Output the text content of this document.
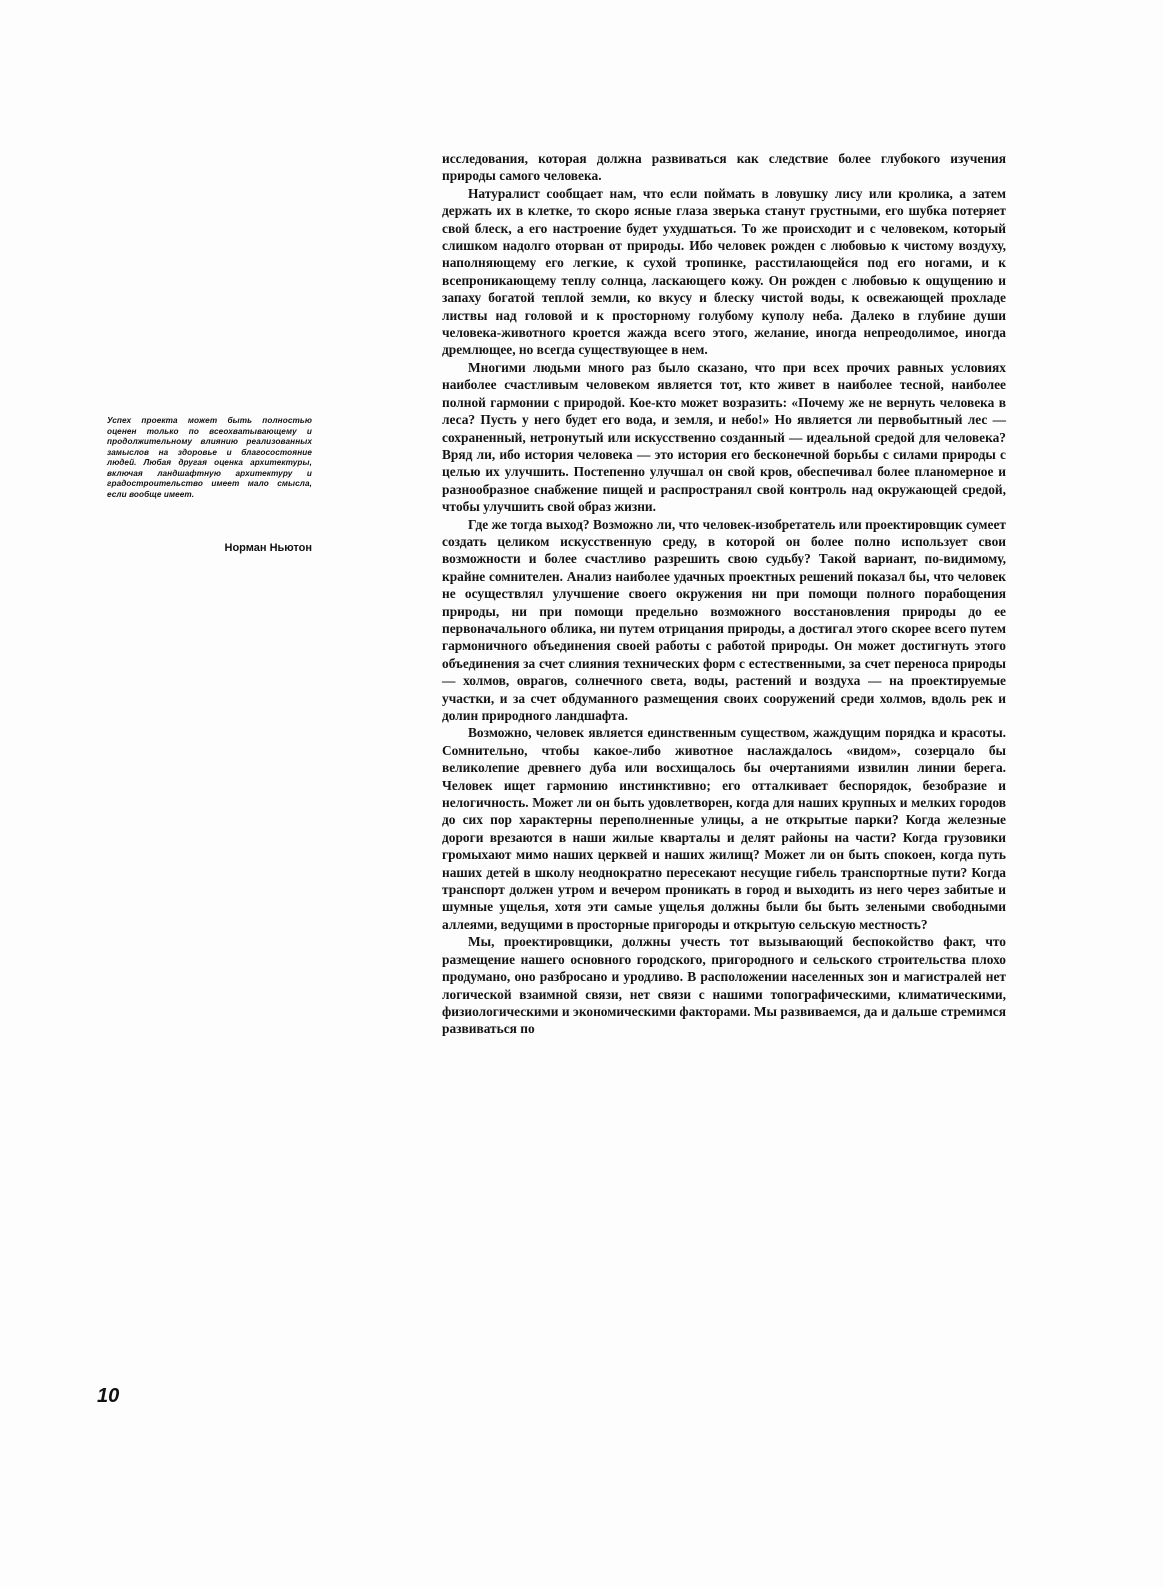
Успех проекта может быть полностью оценен только по всеохватывающему и продолжительному влиянию реализованных замыслов на здоровье и благосостояние людей. Любая другая оценка архитектуры, включая ландшафтную архитектуру и градостроительство имеет мало смысла, если вообще имеет.
Норман Ньютон

исследования, которая должна развиваться как следствие более глубокого изучения природы самого человека.

Натуралист сообщает нам, что если поймать в ловушку лису или кролика, а затем держать их в клетке, то скоро ясные глаза зверька станут грустными, его шубка потеряет свой блеск, а его настроение будет ухудшаться. То же происходит и с человеком, который слишком надолго оторван от природы. Ибо человек рожден с любовью к чистому воздуху, наполняющему его легкие, к сухой тропинке, расстилающейся под его ногами, и к всепроникающему теплу солнца, ласкающего кожу. Он рожден с любовью к ощущению и запаху богатой теплой земли, ко вкусу и блеску чистой воды, к освежающей прохладе листвы над головой и к просторному голубому куполу неба. Далеко в глубине души человека-животного кроется жажда всего этого, желание, иногда непреодолимое, иногда дремлющее, но всегда существующее в нем.

Многими людьми много раз было сказано, что при всех прочих равных условиях наиболее счастливым человеком является тот, кто живет в наиболее тесной, наиболее полной гармонии с природой. Кое-кто может возразить: «Почему же не вернуть человека в леса? Пусть у него будет его вода, и земля, и небо!» Но является ли первобытный лес — сохраненный, нетронутый или искусственно созданный — идеальной средой для человека? Вряд ли, ибо история человека — это история его бесконечной борьбы с силами природы с целью их улучшить. Постепенно улучшал он свой кров, обеспечивал более планомерное и разнообразное снабжение пищей и распространял свой контроль над окружающей средой, чтобы улучшить свой образ жизни.

Где же тогда выход? Возможно ли, что человек-изобретатель или проектировщик сумеет создать целиком искусственную среду, в которой он более полно использует свои возможности и более счастливо разрешить свою судьбу? Такой вариант, по-видимому, крайне сомнителен. Анализ наиболее удачных проектных решений показал бы, что человек не осуществлял улучшение своего окружения ни при помощи полного порабощения природы, ни при помощи предельно возможного восстановления природы до ее первоначального облика, ни путем отрицания природы, а достигал этого скорее всего путем гармоничного объединения своей работы с работой природы. Он может достигнуть этого объединения за счет слияния технических форм с естественными, за счет переноса природы — холмов, оврагов, солнечного света, воды, растений и воздуха — на проектируемые участки, и за счет обдуманного размещения своих сооружений среди холмов, вдоль рек и долин природного ландшафта.

Возможно, человек является единственным существом, жаждущим порядка и красоты. Сомнительно, чтобы какое-либо животное наслаждалось «видом», созерцало бы великолепие древнего дуба или восхищалось бы очертаниями извилин линии берега. Человек ищет гармонию инстинктивно; его отталкивает беспорядок, безобразие и нелогичность. Может ли он быть удовлетворен, когда для наших крупных и мелких городов до сих пор характерны переполненные улицы, а не открытые парки? Когда железные дороги врезаются в наши жилые кварталы и делят районы на части? Когда грузовики громыхают мимо наших церквей и наших жилищ? Может ли он быть спокоен, когда путь наших детей в школу неоднократно пересекают несущие гибель транспортные пути? Когда транспорт должен утром и вечером проникать в город и выходить из него через забитые и шумные ущелья, хотя эти самые ущелья должны были бы быть зелеными свободными аллеями, ведущими в просторные пригороды и открытую сельскую местность?

Мы, проектировщики, должны учесть тот вызывающий беспокойство факт, что размещение нашего основного городского, пригородного и сельского строительства плохо продумано, оно разбросано и уродливо. В расположении населенных зон и магистралей нет логической взаимной связи, нет связи с нашими топографическими, климатическими, физиологическими и экономическими факторами. Мы развиваемся, да и дальше стремимся развиваться по

10
